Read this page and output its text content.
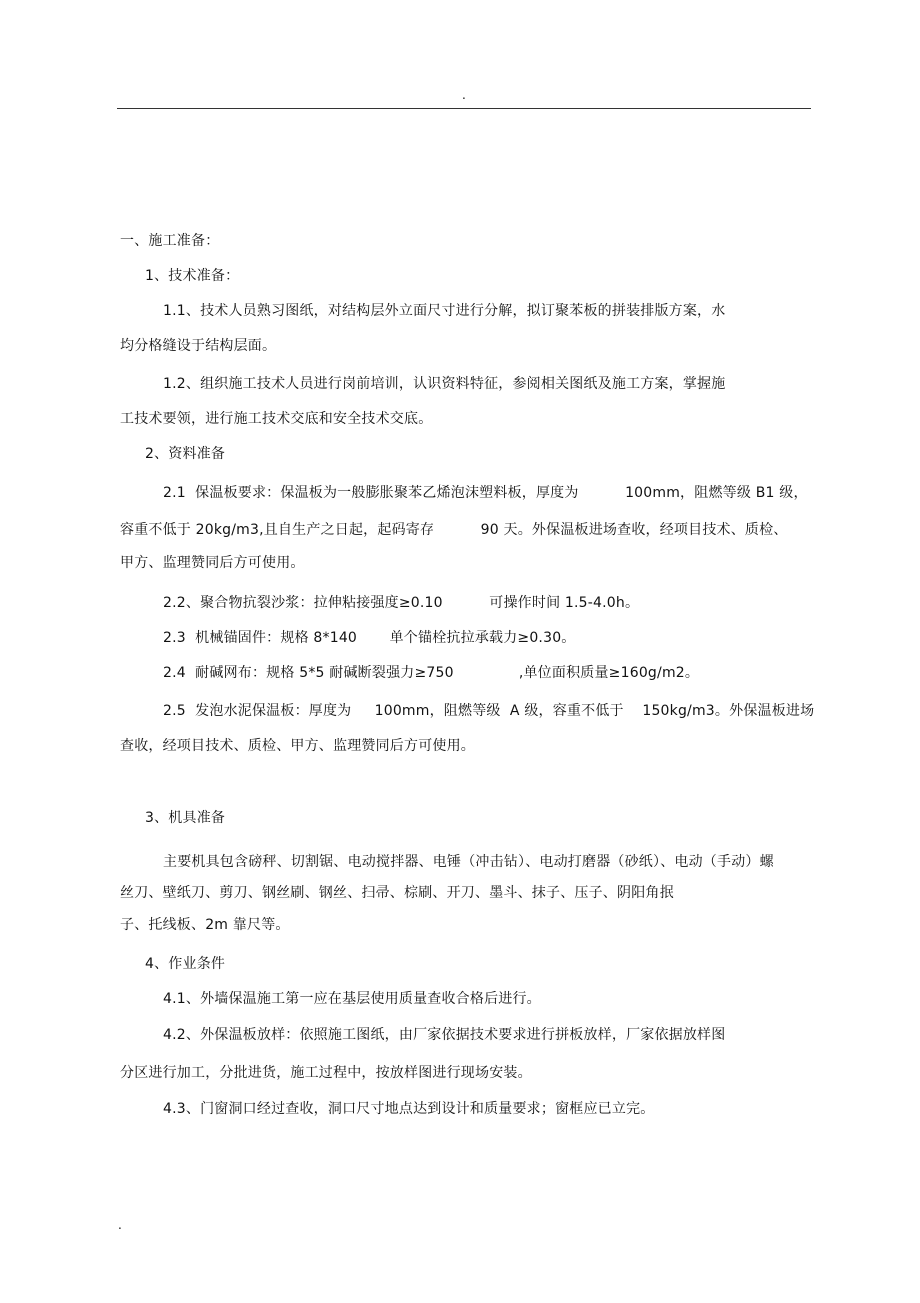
.
一、施工准备：
1、技术准备：
1.1、技术人员熟习图纸，对结构层外立面尺寸进行分解，拟订聚苯板的拼装排版方案，水
均分格缝设于结构层面。
1.2、组织施工技术人员进行岗前培训，认识资料特征，参阅相关图纸及施工方案，掌握施
工技术要领，进行施工技术交底和安全技术交底。
2、资料准备
2.1  保温板要求：保温板为一般膨胀聚苯乙烯泡沫塑料板，厚度为          100mm，阻燃等级 B1 级，
容重不低于 20kg/m3,且自生产之日起，起码寄存          90 天。外保温板进场查收，经项目技术、质检、
甲方、监理赞同后方可使用。
2.2、聚合物抗裂沙浆：拉伸粘接强度≥0.10          可操作时间 1.5-4.0h。
2.3  机械锚固件：规格 8*140       单个锚栓抗拉承载力≥0.30。
2.4  耐碱网布：规格 5*5 耐碱断裂强力≥750              ,单位面积质量≥160g/m2。
2.5  发泡水泥保温板：厚度为     100mm，阻燃等级  A 级，容重不低于    150kg/m3。外保温板进场
查收，经项目技术、质检、甲方、监理赞同后方可使用。
3、机具准备
主要机具包含磅秤、切割锯、电动搅拌器、电锤（冲击钻）、电动打磨器（砂纸）、电动（手动）螺
丝刀、壁纸刀、剪刀、钢丝刷、钢丝、扫帚、棕刷、开刀、墨斗、抹子、压子、阴阳角抿
子、托线板、2m 靠尺等。
4、作业条件
4.1、外墙保温施工第一应在基层使用质量查收合格后进行。
4.2、外保温板放样：依照施工图纸，由厂家依据技术要求进行拼板放样，厂家依据放样图
分区进行加工，分批进货，施工过程中，按放样图进行现场安装。
4.3、门窗洞口经过查收，洞口尺寸地点达到设计和质量要求；窗框应已立完。
.
